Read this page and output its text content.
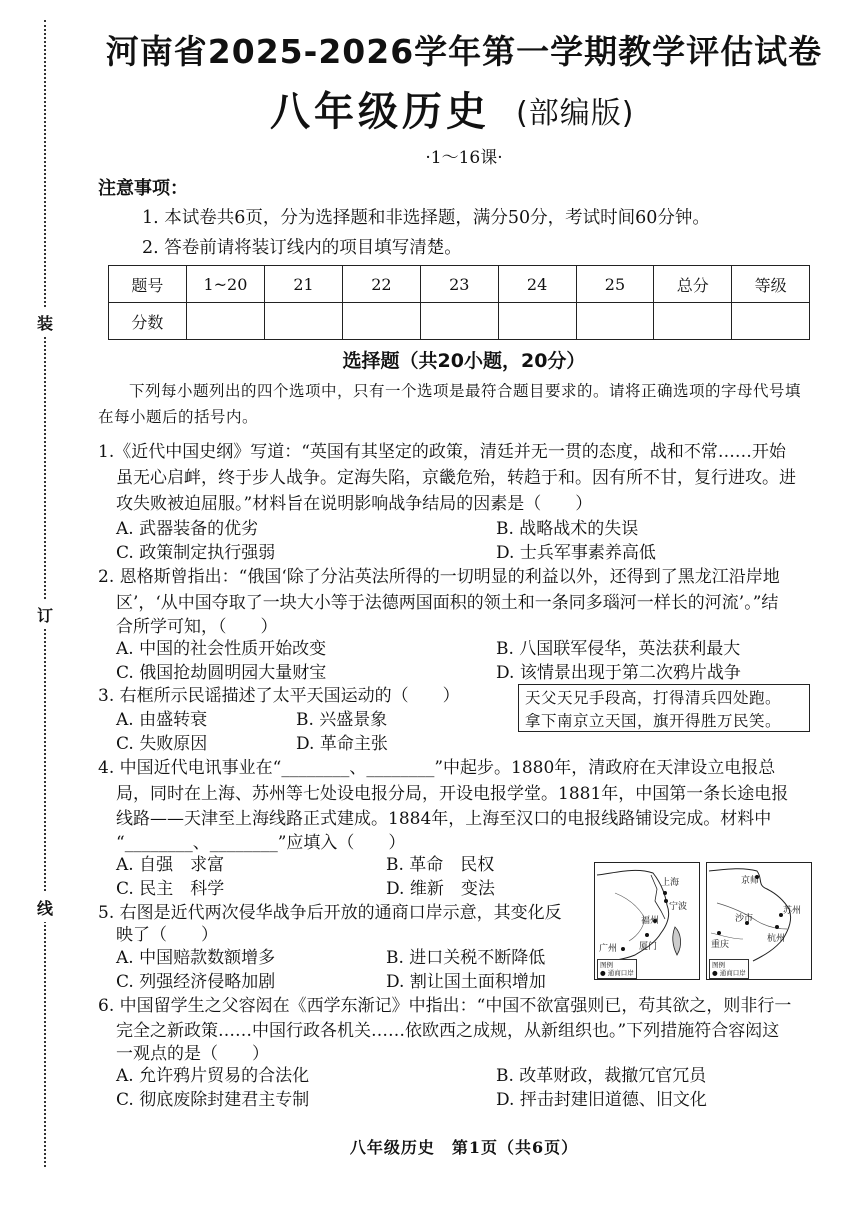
装
订
线
河南省2025-2026学年第一学期教学评估试卷
八年级历史 (部编版)
·1～16课·
注意事项：
1. 本试卷共6页，分为选择题和非选择题，满分50分，考试时间60分钟。
2. 答卷前请将装订线内的项目填写清楚。
题号	1~20	21	22	23	24	25	总分	等级
分数								
选择题（共20小题，20分）
下列每小题列出的四个选项中，只有一个选项是最符合题目要求的。请将正确选项的字母代号填在每小题后的括号内。
1.《近代中国史纲》写道：“英国有其坚定的政策，清廷并无一贯的态度，战和不常……开始
虽无心启衅，终于步人战争。定海失陷，京畿危殆，转趋于和。因有所不甘，复行进攻。进
攻失败被迫屈服。”材料旨在说明影响战争结局的因素是（　　）
A. 武器装备的优劣	B. 战略战术的失误
C. 政策制定执行强弱	D. 士兵军事素养高低
2. 恩格斯曾指出：“俄国‘除了分沾英法所得的一切明显的利益以外，还得到了黑龙江沿岸地
区’，‘从中国夺取了一块大小等于法德两国面积的领土和一条同多瑙河一样长的河流’。”结
合所学可知，（　　）
A. 中国的社会性质开始改变	B. 八国联军侵华，英法获利最大
C. 俄国抢劫圆明园大量财宝	D. 该情景出现于第二次鸦片战争
3. 右框所示民谣描述了太平天国运动的（　　）	天父天兄手段高，打得清兵四处跑。
拿下南京立天国，旗开得胜万民笑。
A. 由盛转衰	B. 兴盛景象
C. 失败原因	D. 革命主张
4. 中国近代电讯事业在“________、________”中起步。1880年，清政府在天津设立电报总
局，同时在上海、苏州等七处设电报分局，开设电报学堂。1881年，中国第一条长途电报
线路——天津至上海线路正式建成。1884年，上海至汉口的电报线路铺设完成。材料中
“________、________”应填入（　　）
A. 自强　求富	B. 革命　民权
C. 民主　科学	D. 维新　变法	上海
宁波
福州
厦门
广州
图例
● 通商口岸
京师
苏州
沙市
杭州
重庆
图例
● 通商口岸
5. 右图是近代两次侵华战争后开放的通商口岸示意，其变化反
映了（　　）
A. 中国赔款数额增多	B. 进口关税不断降低
C. 列强经济侵略加剧	D. 割让国土面积增加
6. 中国留学生之父容闳在《西学东渐记》中指出：“中国不欲富强则已，苟其欲之，则非行一
完全之新政策……中国行政各机关……依欧西之成规，从新组织也。”下列措施符合容闳这
一观点的是（　　）
A. 允许鸦片贸易的合法化	B. 改革财政，裁撤冗官冗员
C. 彻底废除封建君主专制	D. 抨击封建旧道德、旧文化
八年级历史　第1页（共6页）
